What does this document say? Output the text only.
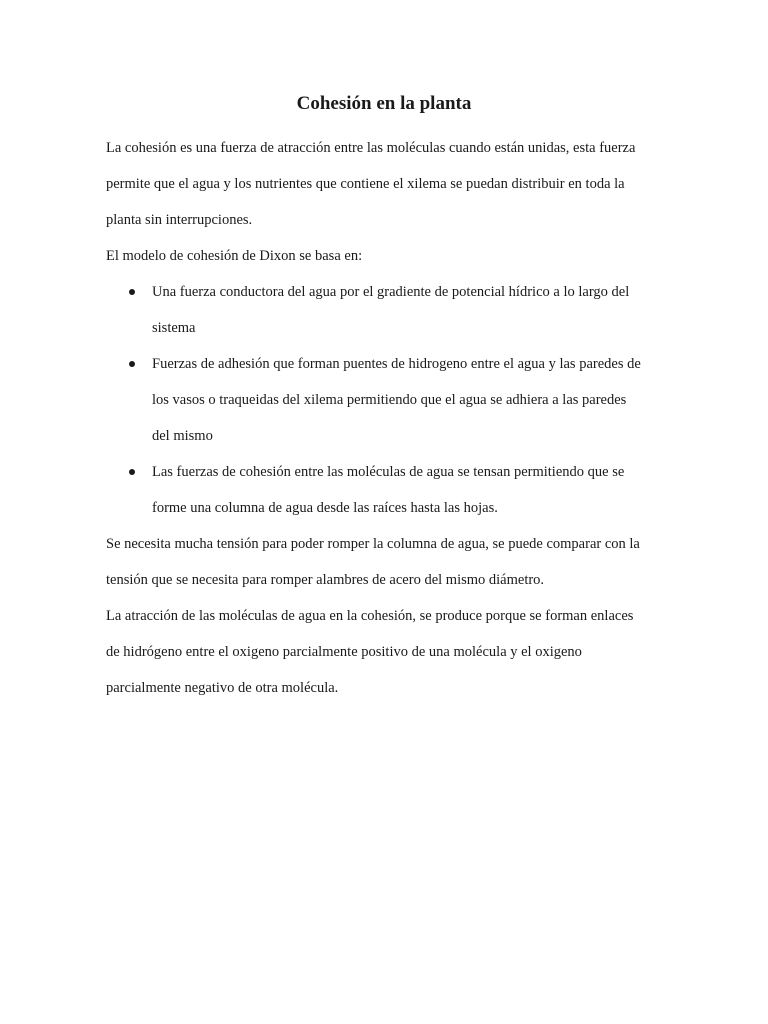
Cohesión en la planta

La cohesión es una fuerza de atracción entre las moléculas cuando están unidas, esta fuerza
permite que el agua y los nutrientes que contiene el xilema se puedan distribuir en toda la
planta sin interrupciones.

El modelo de cohesión de Dixon se basa en:

Una fuerza conductora del agua por el gradiente de potencial hídrico a lo largo del
sistema
Fuerzas de adhesión que forman puentes de hidrogeno entre el agua y las paredes de
los vasos o traqueidas del xilema permitiendo que el agua se adhiera a las paredes
del mismo
Las fuerzas de cohesión entre las moléculas de agua se tensan permitiendo que se
forme una columna de agua desde las raíces hasta las hojas.

Se necesita mucha tensión para poder romper la columna de agua, se puede comparar con la
tensión que se necesita para romper alambres de acero del mismo diámetro.

La atracción de las moléculas de agua en la cohesión, se produce porque se forman enlaces
de hidrógeno entre el oxigeno parcialmente positivo de una molécula y el oxigeno
parcialmente negativo de otra molécula.
